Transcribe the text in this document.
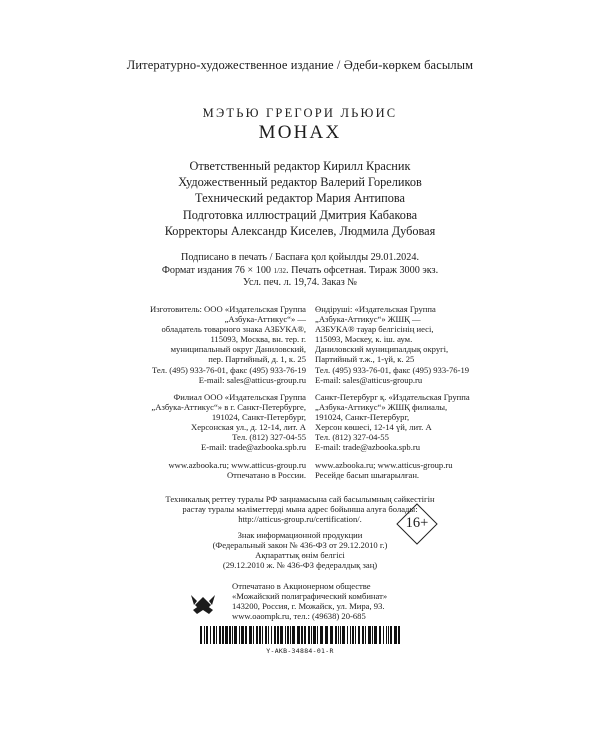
Литературно-художественное издание / Әдеби-көркем басылым
МЭТЬЮ ГРЕГОРИ ЛЬЮИС
МОНАХ
Ответственный редактор Кирилл Красник
Художественный редактор Валерий Гореликов
Технический редактор Мария Антипова
Подготовка иллюстраций Дмитрия Кабакова
Корректоры Александр Киселев, Людмила Дубовая
Подписано в печать / Баспаға қол қойылды 29.01.2024.
Формат издания 76 × 100 1/32. Печать офсетная. Тираж 3000 экз.
Усл. печ. л. 19,74. Заказ №
Изготовитель: ООО «Издательская Группа
„Азбука-Аттикус“» —
обладатель товарного знака АЗБУКА®,
115093, Москва, вн. тер. г.
муниципальный округ Даниловский,
пер. Партийный, д. 1, к. 25
Тел. (495) 933-76-01, факс (495) 933-76-19
E-mail: sales@atticus-group.ru
Өндіруші: «Издательская Группа
„Азбука-Аттикус“» ЖШҚ —
АЗБУКА® тауар белгісінің иесі,
115093, Мәскеу, к. іш. аум.
Даниловский муниципалдық округі,
Партийный т.ж., 1-үй, к. 25
Тел. (495) 933-76-01, факс (495) 933-76-19
E-mail: sales@atticus-group.ru
Филиал ООО «Издательская Группа
„Азбука-Аттикус“» в г. Санкт-Петербурге,
191024, Санкт-Петербург,
Херсонская ул., д. 12-14, лит. А
Тел. (812) 327-04-55
E-mail: trade@azbooka.spb.ru
Санкт-Петербург қ. «Издательская Группа
„Азбука-Аттикус“» ЖШҚ филиалы,
191024, Санкт-Петербург,
Херсон көшесі, 12-14 үй, лит. А
Тел. (812) 327-04-55
E-mail: trade@azbooka.spb.ru
www.azbooka.ru; www.atticus-group.ru
Отпечатано в России.
www.azbooka.ru; www.atticus-group.ru
Ресейде басып шығарылған.
Техникалық реттеу туралы РФ заңнамасына сай басылымның сәйкестігін
растау туралы мәліметтерді мына адрес бойынша алуға болады:
http://atticus-group.ru/certification/.
Знак информационной продукции
(Федеральный закон № 436-ФЗ от 29.12.2010 г.)
Ақпараттық өнім белгісі
(29.12.2010 ж. № 436-ФЗ федералдық заң)
16+
Отпечатано в Акционерном обществе
«Можайский полиграфический комбинат»
143200, Россия, г. Можайск, ул. Мира, 93.
www.oaompk.ru, тел.: (49638) 20-685
Y-AKB-34884-01-R
